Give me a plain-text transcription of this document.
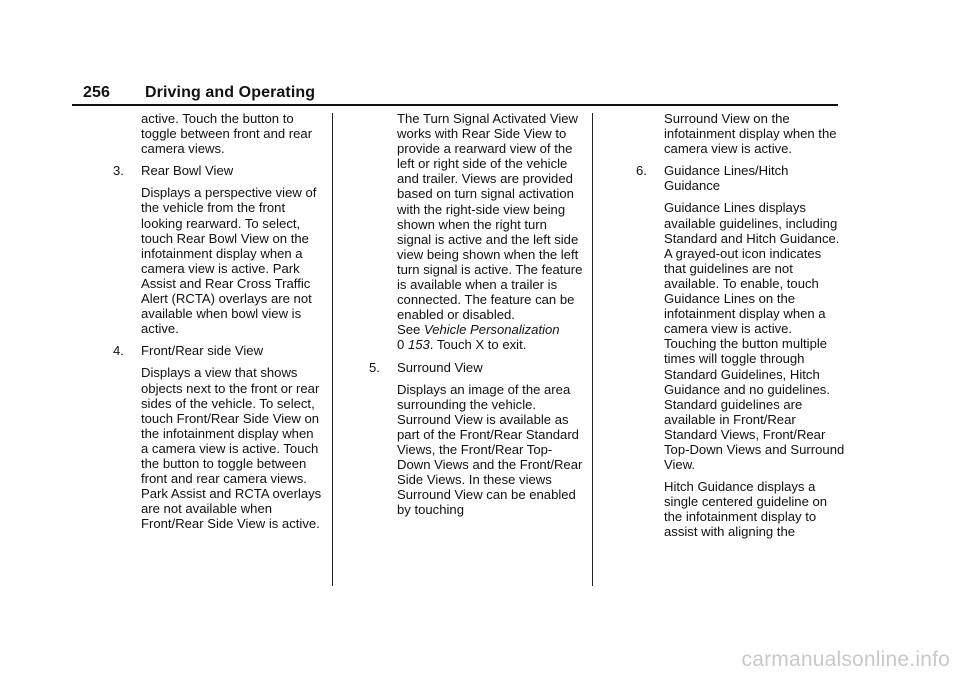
256 Driving and Operating

active. Touch the button to toggle between front and rear camera views.

3.	Rear Bowl View

Displays a perspective view of the vehicle from the front looking rearward. To select, touch Rear Bowl View on the infotainment display when a camera view is active. Park Assist and Rear Cross Traffic Alert (RCTA) overlays are not available when bowl view is active.

4.	Front/Rear side View

Displays a view that shows objects next to the front or rear sides of the vehicle. To select, touch Front/Rear Side View on the infotainment display when a camera view is active. Touch the button to toggle between front and rear camera views. Park Assist and RCTA overlays are not available when Front/Rear Side View is active.

The Turn Signal Activated View works with Rear Side View to provide a rearward view of the left or right side of the vehicle and trailer. Views are provided based on turn signal activation with the right-side view being shown when the right turn signal is active and the left side view being shown when the left turn signal is active. The feature is available when a trailer is connected. The feature can be enabled or disabled.
See Vehicle Personalization
0 153. Touch X to exit.

5.	Surround View

Displays an image of the area surrounding the vehicle. Surround View is available as part of the Front/Rear Standard Views, the Front/Rear Top-Down Views and the Front/Rear Side Views. In these views Surround View can be enabled by touching

Surround View on the infotainment display when the camera view is active.

6.	Guidance Lines/Hitch Guidance

Guidance Lines displays available guidelines, including Standard and Hitch Guidance.

A grayed-out icon indicates that guidelines are not available. To enable, touch Guidance Lines on the infotainment display when a camera view is active. Touching the button multiple times will toggle through Standard Guidelines, Hitch Guidance and no guidelines. Standard guidelines are available in Front/Rear Standard Views, Front/Rear Top-Down Views and Surround View.

Hitch Guidance displays a single centered guideline on the infotainment display to assist with aligning the

carmanualsonline.info
